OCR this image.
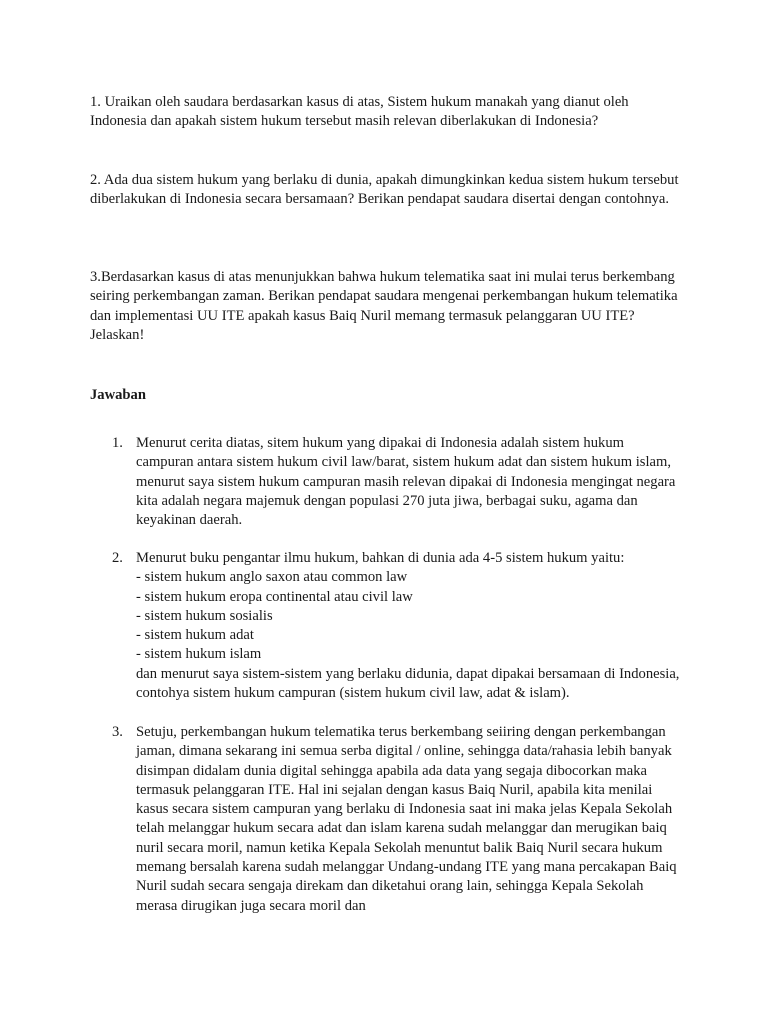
1. Uraikan oleh saudara berdasarkan kasus di atas, Sistem hukum manakah yang dianut oleh Indonesia dan apakah sistem hukum tersebut masih relevan diberlakukan di Indonesia?

2. Ada dua sistem hukum yang berlaku di dunia, apakah dimungkinkan kedua sistem hukum tersebut diberlakukan di Indonesia secara bersamaan? Berikan pendapat saudara disertai dengan contohnya.

3.Berdasarkan kasus di atas menunjukkan bahwa hukum telematika saat ini mulai terus berkembang seiring perkembangan zaman. Berikan pendapat saudara mengenai perkembangan hukum telematika dan implementasi UU ITE apakah kasus Baiq Nuril memang termasuk pelanggaran UU ITE? Jelaskan!

Jawaban

1. Menurut cerita diatas, sitem hukum yang dipakai di Indonesia adalah sistem hukum campuran antara sistem hukum civil law/barat, sistem hukum adat dan sistem hukum islam, menurut saya sistem hukum campuran masih relevan dipakai di Indonesia mengingat negara kita adalah negara majemuk dengan populasi 270 juta jiwa, berbagai suku, agama dan keyakinan daerah.
2. Menurut buku pengantar ilmu hukum, bahkan di dunia ada 4-5 sistem hukum yaitu:
- sistem hukum anglo saxon atau common law
- sistem hukum eropa continental atau civil law
- sistem hukum sosialis
- sistem hukum adat
- sistem hukum islam
dan menurut saya sistem-sistem yang berlaku didunia, dapat dipakai bersamaan di Indonesia, contohya sistem hukum campuran (sistem hukum civil law, adat & islam).
3. Setuju, perkembangan hukum telematika terus berkembang seiiring dengan perkembangan jaman, dimana sekarang ini semua serba digital / online, sehingga data/rahasia lebih banyak disimpan didalam dunia digital sehingga apabila ada data yang segaja dibocorkan maka termasuk pelanggaran ITE. Hal ini sejalan dengan kasus Baiq Nuril, apabila kita menilai kasus secara sistem campuran yang berlaku di Indonesia saat ini maka jelas Kepala Sekolah telah melanggar hukum secara adat dan islam karena sudah melanggar dan merugikan baiq nuril secara moril, namun ketika Kepala Sekolah menuntut balik Baiq Nuril secara hukum memang bersalah karena sudah melanggar Undang-undang ITE yang mana percakapan Baiq Nuril sudah secara sengaja direkam dan diketahui orang lain, sehingga Kepala Sekolah merasa dirugikan juga secara moril dan
